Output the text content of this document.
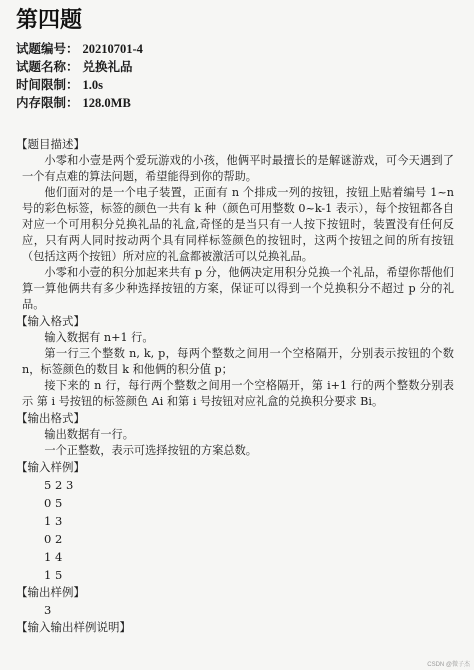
第四题
试题编号： 20210701-4
试题名称： 兑换礼品
时间限制： 1.0s
内存限制： 128.0MB
【题目描述】

小零和小壹是两个爱玩游戏的小孩，他俩平时最擅长的是解谜游戏，可今天遇到了一个有点难的算法问题，希望能得到你的帮助。

他们面对的是一个电子装置，正面有 n 个排成一列的按钮，按钮上贴着编号 1~n 号的彩色标签，标签的颜色一共有 k 种（颜色可用整数 0~k-1 表示），每个按钮都各自对应一个可用积分兑换礼品的礼盒,奇怪的是当只有一人按下按钮时，装置没有任何反应，只有两人同时按动两个具有同样标签颜色的按钮时，这两个按钮之间的所有按钮（包括这两个按钮）所对应的礼盒都被激活可以兑换礼品。

小零和小壹的积分加起来共有 p 分，他俩决定用积分兑换一个礼品，希望你帮他们算一算他俩共有多少种选择按钮的方案，保证可以得到一个兑换积分不超过 p 分的礼品。

【输入格式】

输入数据有 n+1 行。

第一行三个整数 n, k, p，每两个整数之间用一个空格隔开，分别表示按钮的个数 n，标签颜色的数目 k 和他俩的积分值 p；

接下来的 n 行，每行两个整数之间用一个空格隔开，第 i+1 行的两个整数分别表示 第 i 号按钮的标签颜色 Ai 和第 i 号按钮对应礼盒的兑换积分要求 Bi。

【输出格式】

输出数据有一行。

一个正整数，表示可选择按钮的方案总数。

【输入样例】
5 2 3
0 5
1 3
0 2
1 4
1 5
【输出样例】
3
【输入输出样例说明】
CSDN @微子杰
